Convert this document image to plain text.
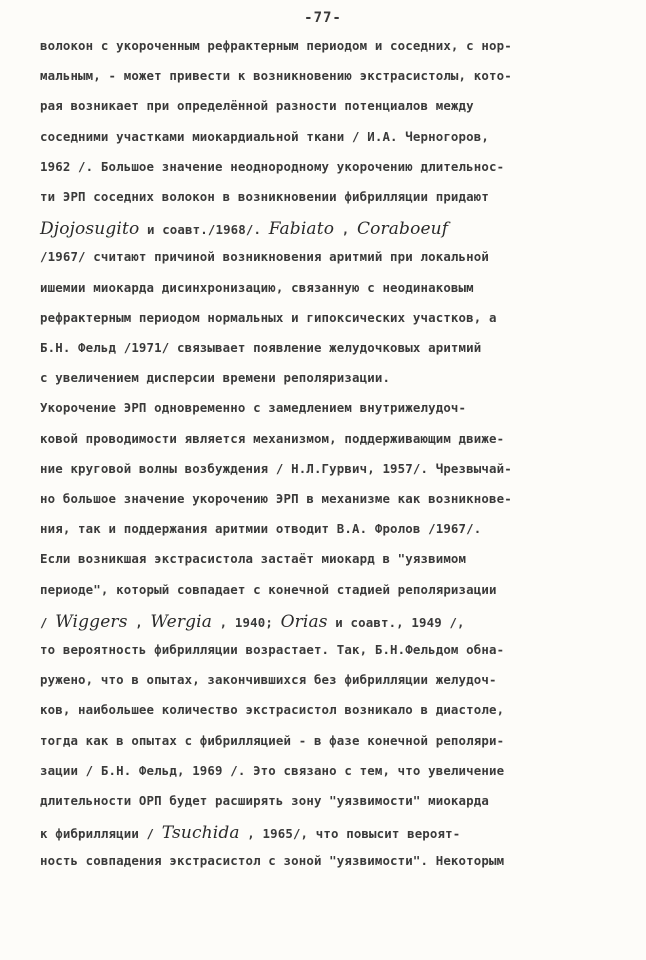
-77-
волокон с укороченным рефрактерным периодом и соседних, с нор-
мальным, - может привести к возникновению экстрасистолы, кото-
рая возникает при определённой разности потенциалов между
соседними участками миокардиальной ткани / И.А. Черногоров,
1962 /. Большое значение неоднородному укорочению длительнос-
ти ЭРП соседних волокон в возникновении фибрилляции придают
Djojosugito и соавт./1968/. Fabiato , Coraboeuf
/1967/ считают причиной возникновения аритмий при локальной
ишемии миокарда дисинхронизацию, связанную с неодинаковым
рефрактерным периодом нормальных и гипоксических участков, а
Б.Н. Фельд /1971/ связывает появление желудочковых аритмий
с увеличением дисперсии времени реполяризации.
Укорочение ЭРП одновременно с замедлением внутрижелудоч-
ковой проводимости является механизмом, поддерживающим движе-
ние круговой волны возбуждения / Н.Л.Гурвич, 1957/. Чрезвычай-
но большое значение укорочению ЭРП в механизме как возникнове-
ния, так и поддержания аритмии отводит В.А. Фролов /1967/.
Если возникшая экстрасистола застаёт миокард в "уязвимом
периоде", который совпадает с конечной стадией реполяризации
/ Wiggers , Wergia , 1940; Orias и соавт., 1949 /,
то вероятность фибрилляции возрастает. Так, Б.Н.Фельдом обна-
ружено, что в опытах, закончившихся без фибрилляции желудоч-
ков, наибольшее количество экстрасистол возникало в диастоле,
тогда как в опытах с фибрилляцией - в фазе конечной реполяри-
зации / Б.Н. Фельд, 1969 /. Это связано с тем, что увеличение
длительности ОРП будет расширять зону "уязвимости" миокарда
к фибрилляции / Tsuchida , 1965/, что повысит вероят-
ность совпадения экстрасистол с зоной "уязвимости". Некоторым
